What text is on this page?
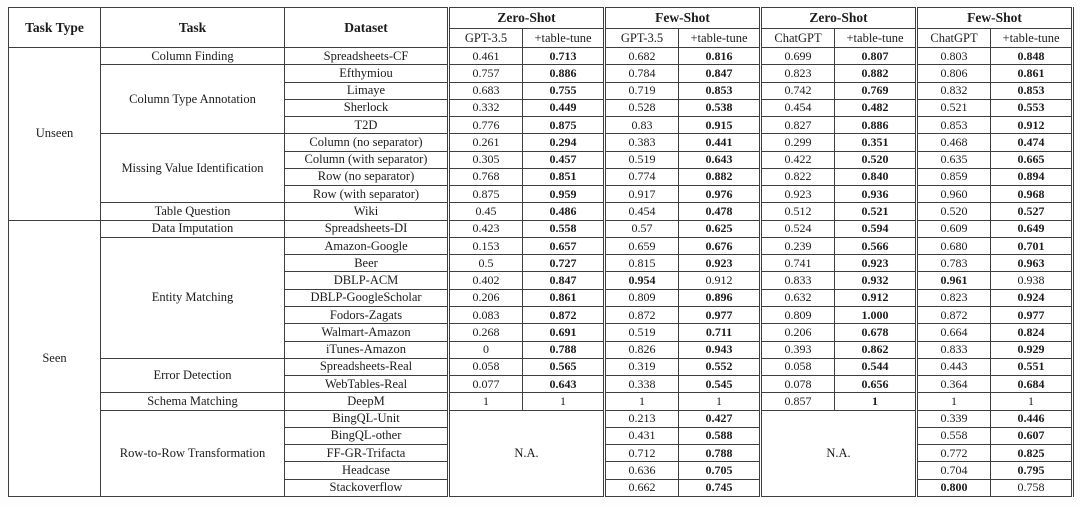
Task Type	Task	Dataset	Zero-Shot		Few-Shot		Zero-Shot		Few-Shot	
			GPT-3.5	+table-tune	GPT-3.5	+table-tune	ChatGPT	+table-tune	ChatGPT	+table-tune
Unseen	Column Finding	Spreadsheets-CF	0.461	0.713	0.682	0.816	0.699	0.807	0.803	0.848
	Column Type Annotation	Efthymiou	0.757	0.886	0.784	0.847	0.823	0.882	0.806	0.861
		Limaye	0.683	0.755	0.719	0.853	0.742	0.769	0.832	0.853
		Sherlock	0.332	0.449	0.528	0.538	0.454	0.482	0.521	0.553
		T2D	0.776	0.875	0.83	0.915	0.827	0.886	0.853	0.912
	Missing Value Identification	Column (no separator)	0.261	0.294	0.383	0.441	0.299	0.351	0.468	0.474
		Column (with separator)	0.305	0.457	0.519	0.643	0.422	0.520	0.635	0.665
		Row (no separator)	0.768	0.851	0.774	0.882	0.822	0.840	0.859	0.894
		Row (with separator)	0.875	0.959	0.917	0.976	0.923	0.936	0.960	0.968
	Table Question	Wiki	0.45	0.486	0.454	0.478	0.512	0.521	0.520	0.527
Seen	Data Imputation	Spreadsheets-DI	0.423	0.558	0.57	0.625	0.524	0.594	0.609	0.649
	Entity Matching	Amazon-Google	0.153	0.657	0.659	0.676	0.239	0.566	0.680	0.701
		Beer	0.5	0.727	0.815	0.923	0.741	0.923	0.783	0.963
		DBLP-ACM	0.402	0.847	0.954	0.912	0.833	0.932	0.961	0.938
		DBLP-GoogleScholar	0.206	0.861	0.809	0.896	0.632	0.912	0.823	0.924
		Fodors-Zagats	0.083	0.872	0.872	0.977	0.809	1.000	0.872	0.977
		Walmart-Amazon	0.268	0.691	0.519	0.711	0.206	0.678	0.664	0.824
		iTunes-Amazon	0	0.788	0.826	0.943	0.393	0.862	0.833	0.929
	Error Detection	Spreadsheets-Real	0.058	0.565	0.319	0.552	0.058	0.544	0.443	0.551
		WebTables-Real	0.077	0.643	0.338	0.545	0.078	0.656	0.364	0.684
	Schema Matching	DeepM	1	1	1	1	0.857	1	1	1
	Row-to-Row Transformation	BingQL-Unit	N.A.		0.213	0.427	N.A.		0.339	0.446
		BingQL-other			0.431	0.588			0.558	0.607
		FF-GR-Trifacta			0.712	0.788			0.772	0.825
		Headcase			0.636	0.705			0.704	0.795
		Stackoverflow			0.662	0.745			0.800	0.758
